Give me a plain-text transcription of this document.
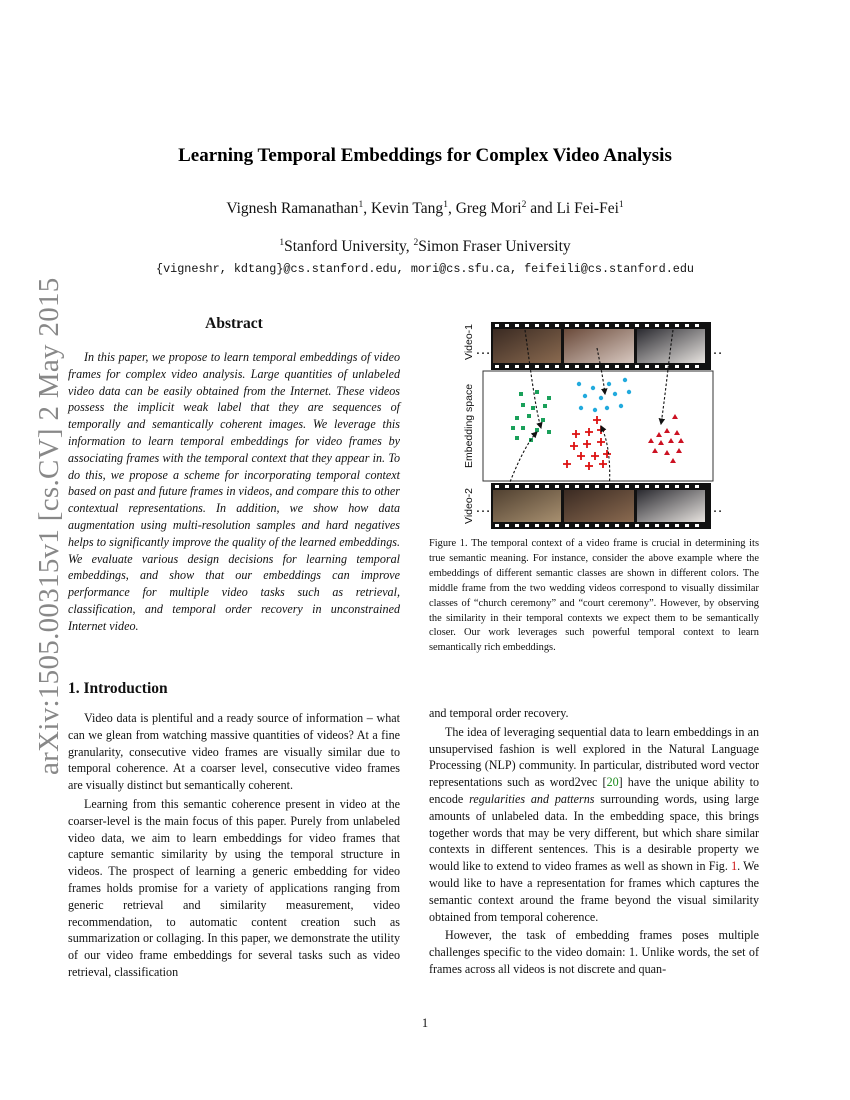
arXiv:1505.00315v1 [cs.CV] 2 May 2015
Learning Temporal Embeddings for Complex Video Analysis
Vignesh Ramanathan$^1$, Kevin Tang$^1$, Greg Mori$^2$ and Li Fei-Fei$^1$
$^1$Stanford University, $^2$Simon Fraser University
{vigneshr, kdtang}@cs.stanford.edu, mori@cs.sfu.ca, feifeili@cs.stanford.edu
Abstract
In this paper, we propose to learn temporal embeddings of video frames for complex video analysis. Large quantities of unlabeled video data can be easily obtained from the Internet. These videos possess the implicit weak label that they are sequences of temporally and semantically coherent images. We leverage this information to learn temporal embeddings for video frames by associating frames with the temporal context that they appear in. To do this, we propose a scheme for incorporating temporal context based on past and future frames in videos, and compare this to other contextual representations. In addition, we show how data augmentation using multi-resolution samples and hard negatives helps to significantly improve the quality of the learned embeddings. We evaluate various design decisions for learning temporal embeddings, and show that our embeddings can improve performance for multiple video tasks such as retrieval, classification, and temporal order recovery in unconstrained Internet video.
…	…
…	…
Video-1
Embedding space
Video-2
Figure 1. The temporal context of a video frame is crucial in determining its true semantic meaning. For instance, consider the above example where the embeddings of different semantic classes are shown in different colors. The middle frame from the two wedding videos correspond to visually dissimilar classes of “church ceremony” and “court ceremony”. However, by observing the similarity in their temporal contexts we expect them to be semantically closer. Our work leverages such powerful temporal context to learn semantically rich embeddings.
1. Introduction

Video data is plentiful and a ready source of information – what can we glean from watching massive quantities of videos? At a fine granularity, consecutive video frames are visually similar due to temporal coherence. At a coarser level, consecutive video frames are visually distinct but semantically coherent.

Learning from this semantic coherence present in video at the coarser-level is the main focus of this paper. Purely from unlabeled video data, we aim to learn embeddings for video frames that capture semantic similarity by using the temporal structure in videos. The prospect of learning a generic embedding for video frames holds promise for a variety of applications ranging from generic retrieval and similarity measurement, video recommendation, to automatic content creation such as summarization or collaging. In this paper, we demonstrate the utility of our video frame embeddings for several tasks such as video retrieval, classification

and temporal order recovery.

The idea of leveraging sequential data to learn embeddings in an unsupervised fashion is well explored in the Natural Language Processing (NLP) community. In particular, distributed word vector representations such as word2vec [20] have the unique ability to encode regularities and patterns surrounding words, using large amounts of unlabeled data. In the embedding space, this brings together words that may be very different, but which share similar contexts in different sentences. This is a desirable property we would like to extend to video frames as well as shown in Fig. 1. We would like to have a representation for frames which captures the semantic context around the frame beyond the visual similarity obtained from temporal coherence.

However, the task of embedding frames poses multiple challenges specific to the video domain: 1. Unlike words, the set of frames across all videos is not discrete and quan-

1
